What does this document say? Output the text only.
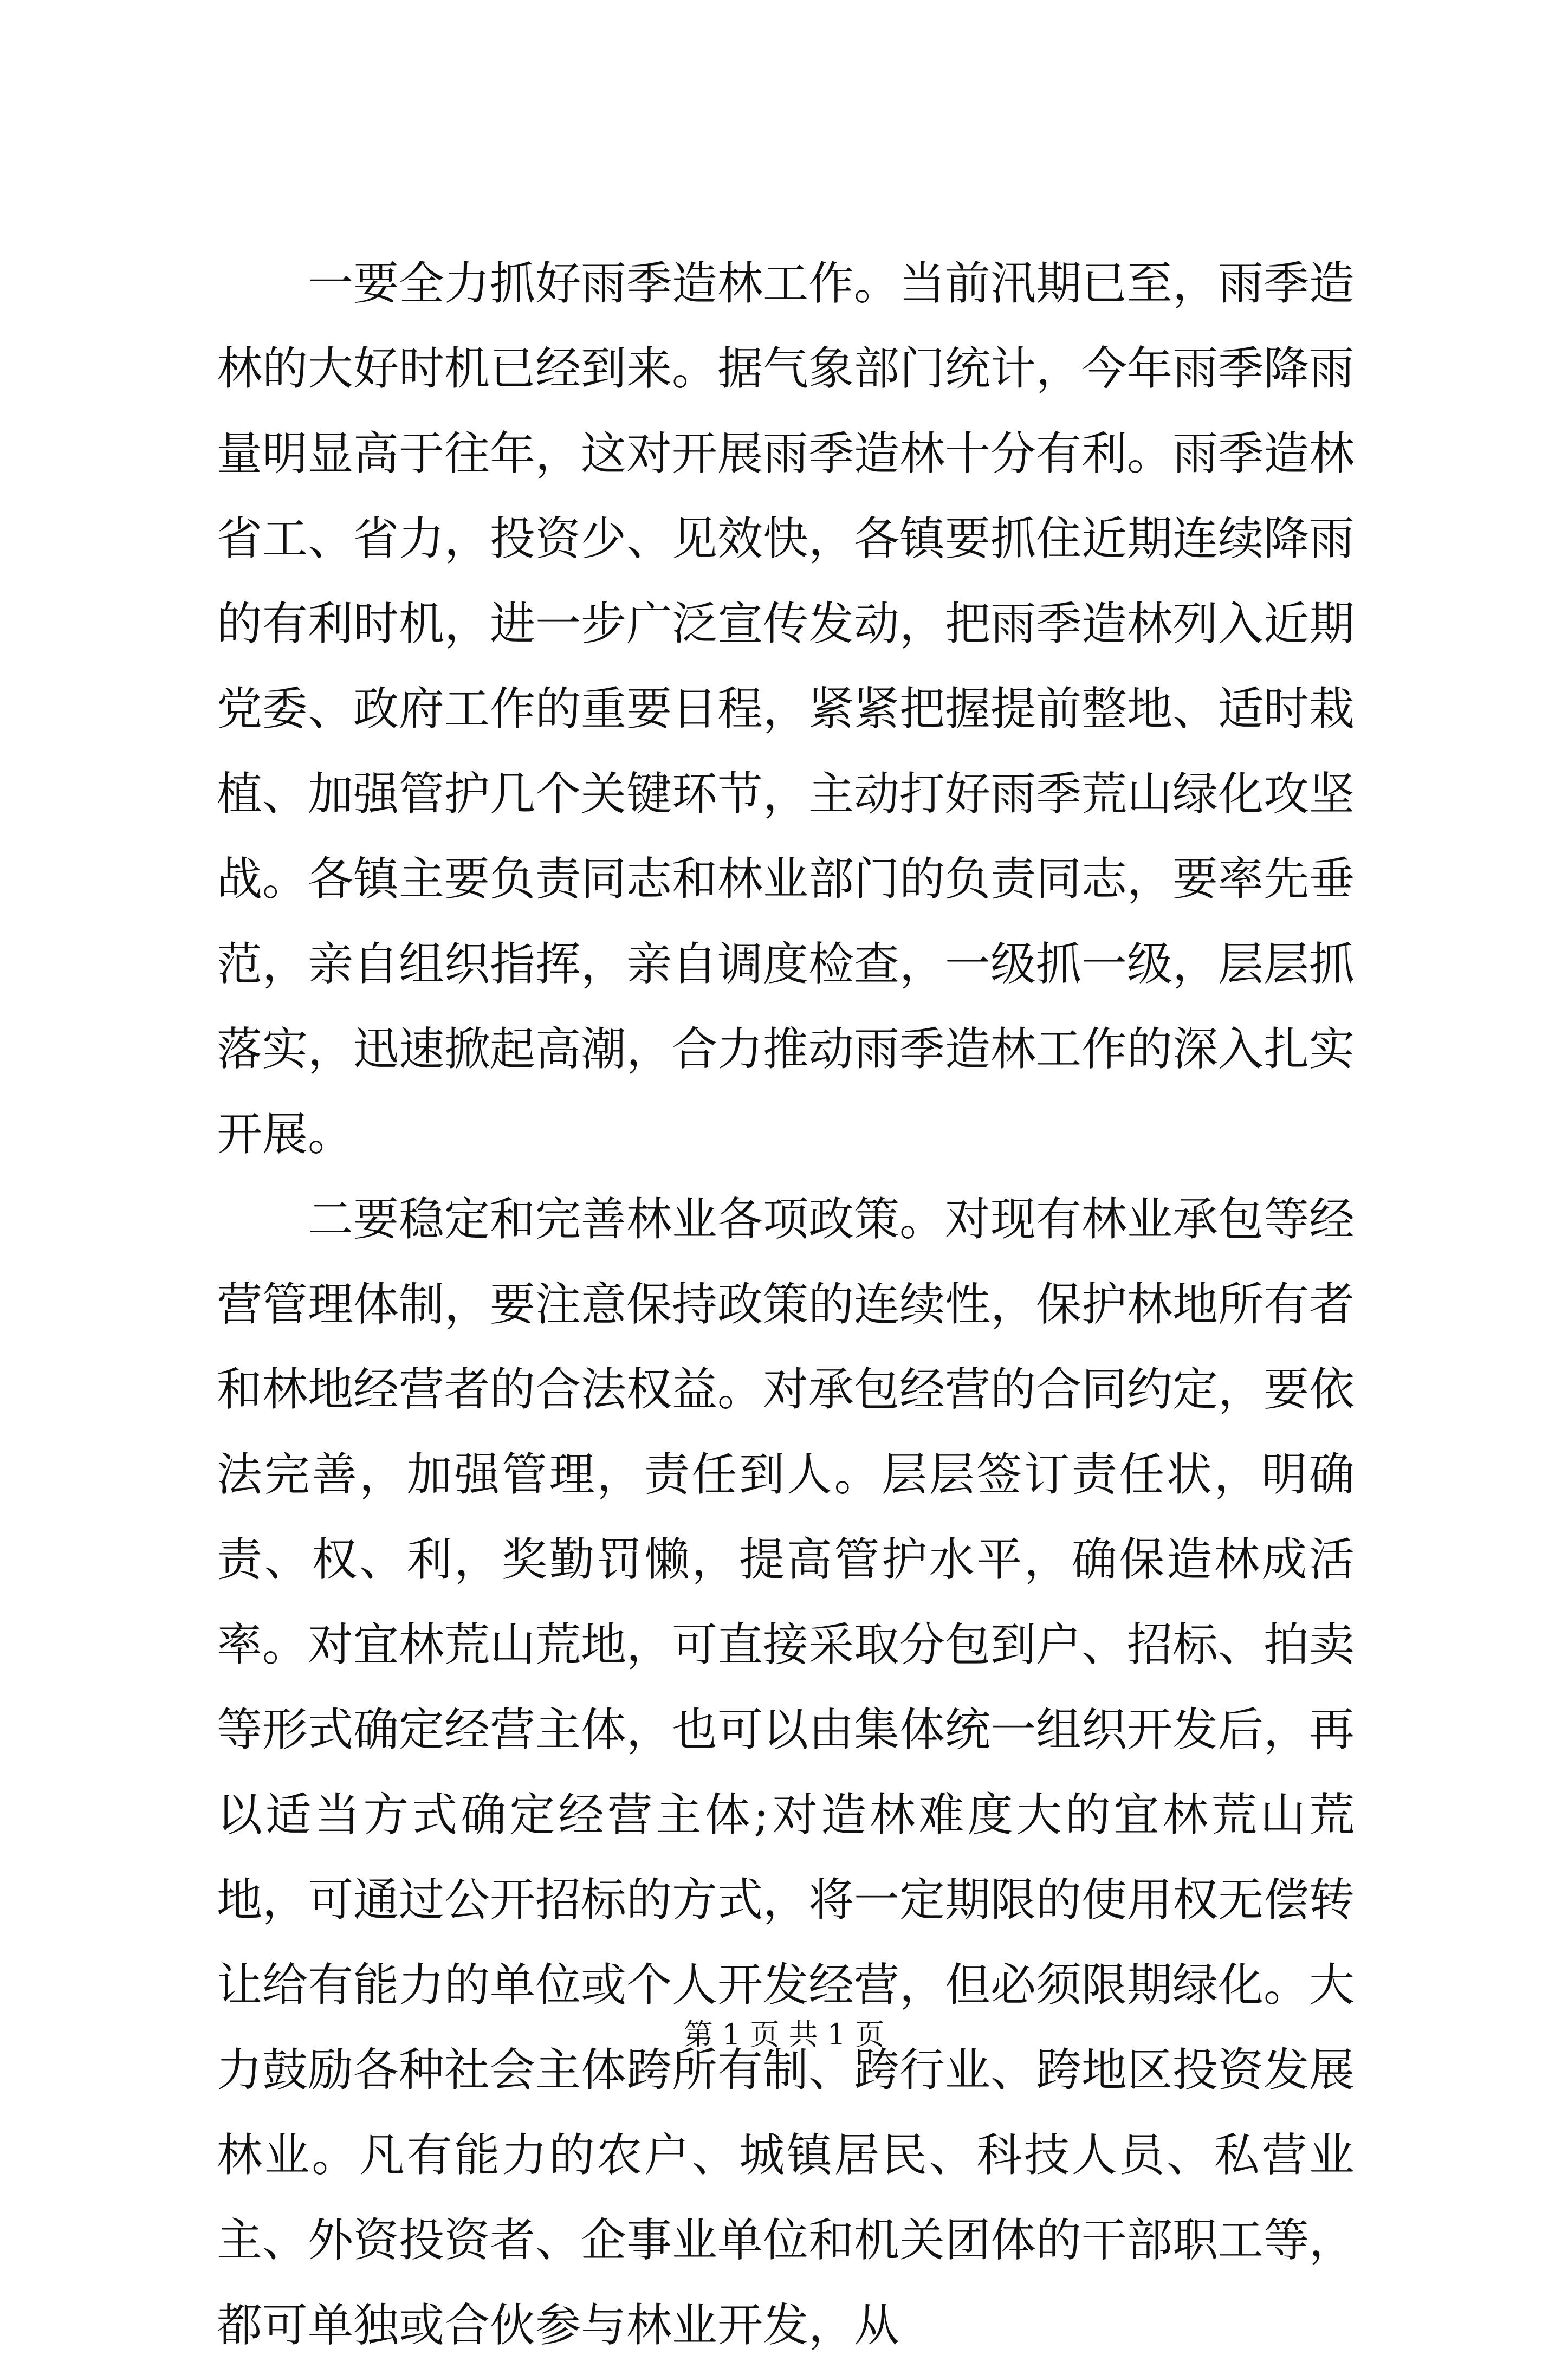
一要全力抓好雨季造林工作。当前汛期已至，雨季造林的大好时机已经到来。据气象部门统计，今年雨季降雨量明显高于往年，这对开展雨季造林十分有利。雨季造林省工、省力，投资少、见效快，各镇要抓住近期连续降雨的有利时机，进一步广泛宣传发动，把雨季造林列入近期党委、政府工作的重要日程，紧紧把握提前整地、适时栽植、加强管护几个关键环节，主动打好雨季荒山绿化攻坚战。各镇主要负责同志和林业部门的负责同志，要率先垂范，亲自组织指挥，亲自调度检查，一级抓一级，层层抓落实，迅速掀起高潮，合力推动雨季造林工作的深入扎实开展。

二要稳定和完善林业各项政策。对现有林业承包等经营管理体制，要注意保持政策的连续性，保护林地所有者和林地经营者的合法权益。对承包经营的合同约定，要依法完善，加强管理，责任到人。层层签订责任状，明确责、权、利，奖勤罚懒，提高管护水平，确保造林成活率。对宜林荒山荒地，可直接采取分包到户、招标、拍卖等形式确定经营主体，也可以由集体统一组织开发后，再以适当方式确定经营主体;对造林难度大的宜林荒山荒地，可通过公开招标的方式，将一定期限的使用权无偿转让给有能力的单位或个人开发经营，但必须限期绿化。大力鼓励各种社会主体跨所有制、跨行业、跨地区投资发展林业。凡有能力的农户、城镇居民、科技人员、私营业主、外资投资者、企事业单位和机关团体的干部职工等，都可单独或合伙参与林业开发，从

第 1 页 共 1 页
